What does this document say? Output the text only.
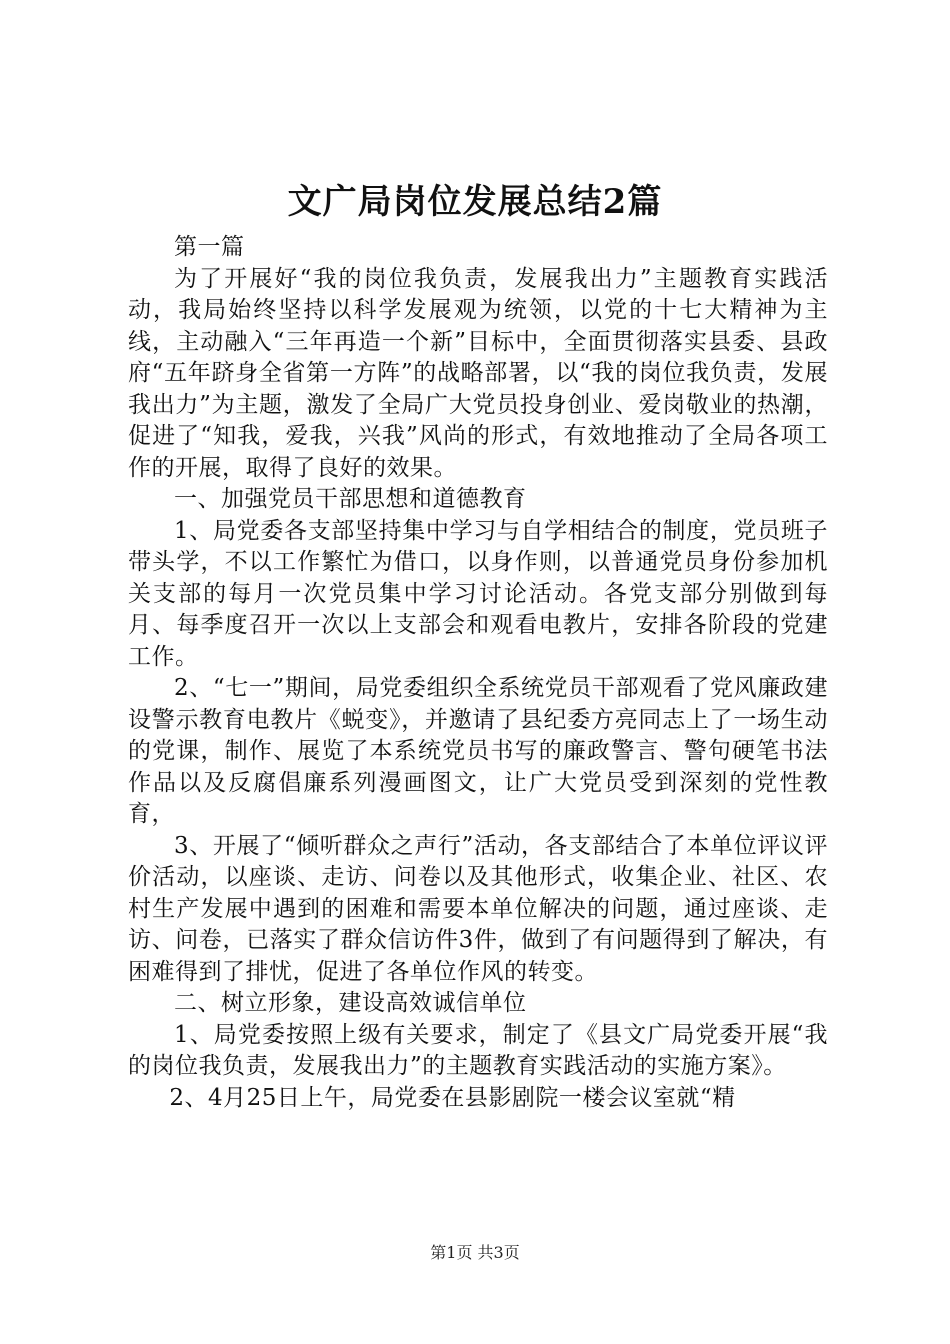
文广局岗位发展总结2篇

第一篇

为了开展好“我的岗位我负责，发展我出力”主题教育实践活动，我局始终坚持以科学发展观为统领，以党的十七大精神为主线，主动融入“三年再造一个新”目标中，全面贯彻落实县委、县政府“五年跻身全省第一方阵”的战略部署，以“我的岗位我负责，发展我出力”为主题，激发了全局广大党员投身创业、爱岗敬业的热潮，促进了“知我，爱我，兴我”风尚的形式，有效地推动了全局各项工作的开展，取得了良好的效果。

一、加强党员干部思想和道德教育

1、局党委各支部坚持集中学习与自学相结合的制度，党员班子带头学，不以工作繁忙为借口，以身作则，以普通党员身份参加机关支部的每月一次党员集中学习讨论活动。各党支部分别做到每月、每季度召开一次以上支部会和观看电教片，安排各阶段的党建工作。

2、“七一”期间，局党委组织全系统党员干部观看了党风廉政建设警示教育电教片《蜕变》，并邀请了县纪委方亮同志上了一场生动的党课，制作、展览了本系统党员书写的廉政警言、警句硬笔书法作品以及反腐倡廉系列漫画图文，让广大党员受到深刻的党性教育，

3、开展了“倾听群众之声行”活动，各支部结合了本单位评议评价活动，以座谈、走访、问卷以及其他形式，收集企业、社区、农村生产发展中遇到的困难和需要本单位解决的问题，通过座谈、走访、问卷，已落实了群众信访件3件，做到了有问题得到了解决，有困难得到了排忧，促进了各单位作风的转变。

二、树立形象，建设高效诚信单位

1、局党委按照上级有关要求，制定了《县文广局党委开展“我的岗位我负责，发展我出力”的主题教育实践活动的实施方案》。

2、4月25日上午，局党委在县影剧院一楼会议室就“精

第1页 共3页
